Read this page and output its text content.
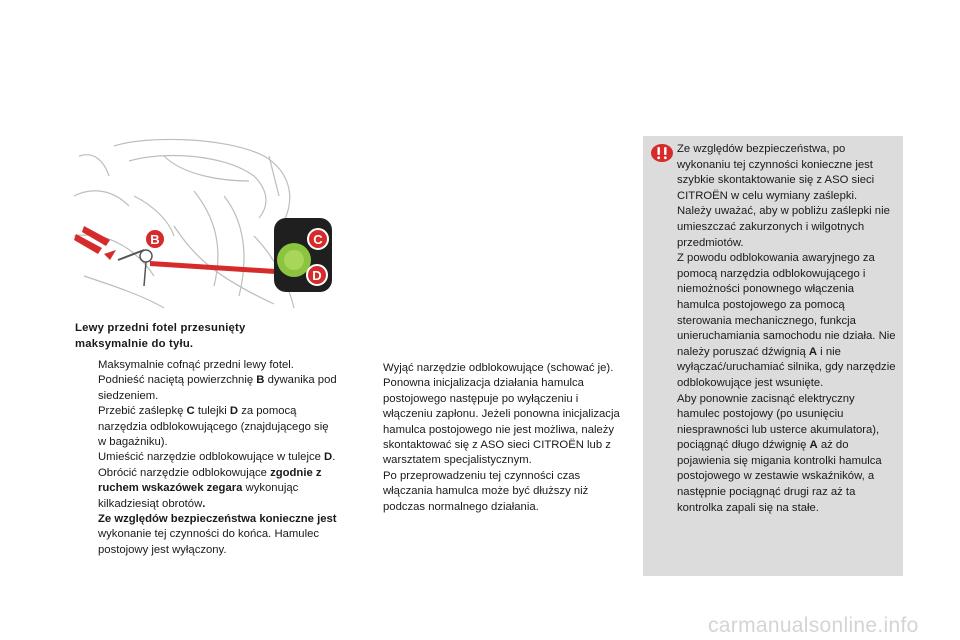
B	C
D
Lewy przedni fotel przesunięty
maksymalnie do tyłu.
Maksymalnie cofnąć przedni lewy fotel.
Podnieść naciętą powierzchnię B dywanika pod siedzeniem.
Przebić zaślepkę C tulejki D za pomocą narzędzia odblokowującego (znajdującego się w bagażniku).
Umieścić narzędzie odblokowujące w tulejce D.
Obrócić narzędzie odblokowujące zgodnie z ruchem wskazówek zegara wykonując kilkadziesiąt obrotów.
Ze względów bezpieczeństwa konieczne jest wykonanie tej czynności do końca. Hamulec postojowy jest wyłączony.
Wyjąć narzędzie odblokowujące (schować je).
Ponowna inicjalizacja działania hamulca postojowego następuje po wyłączeniu i włączeniu zapłonu. Jeżeli ponowna inicjalizacja hamulca postojowego nie jest możliwa, należy skontaktować się z ASO sieci CITROËN lub z warsztatem specjalistycznym.
Po przeprowadzeniu tej czynności czas włączania hamulca może być dłuższy niż podczas normalnego działania.
Ze względów bezpieczeństwa, po wykonaniu tej czynności konieczne jest szybkie skontaktowanie się z ASO sieci CITROËN w celu wymiany zaślepki.
Należy uważać, aby w pobliżu zaślepki nie umieszczać zakurzonych i wilgotnych przedmiotów.
Z powodu odblokowania awaryjnego za pomocą narzędzia odblokowującego i niemożności ponownego włączenia hamulca postojowego za pomocą sterowania mechanicznego, funkcja unieruchamiania samochodu nie działa. Nie należy poruszać dźwignią A i nie wyłączać/uruchamiać silnika, gdy narzędzie odblokowujące jest wsunięte.
Aby ponownie zacisnąć elektryczny hamulec postojowy (po usunięciu niesprawności lub usterce akumulatora), pociągnąć długo dźwignię A aż do pojawienia się migania kontrolki hamulca postojowego w zestawie wskaźników, a następnie pociągnąć drugi raz aż ta kontrolka zapali się na stałe.
carmanualsonline.info
